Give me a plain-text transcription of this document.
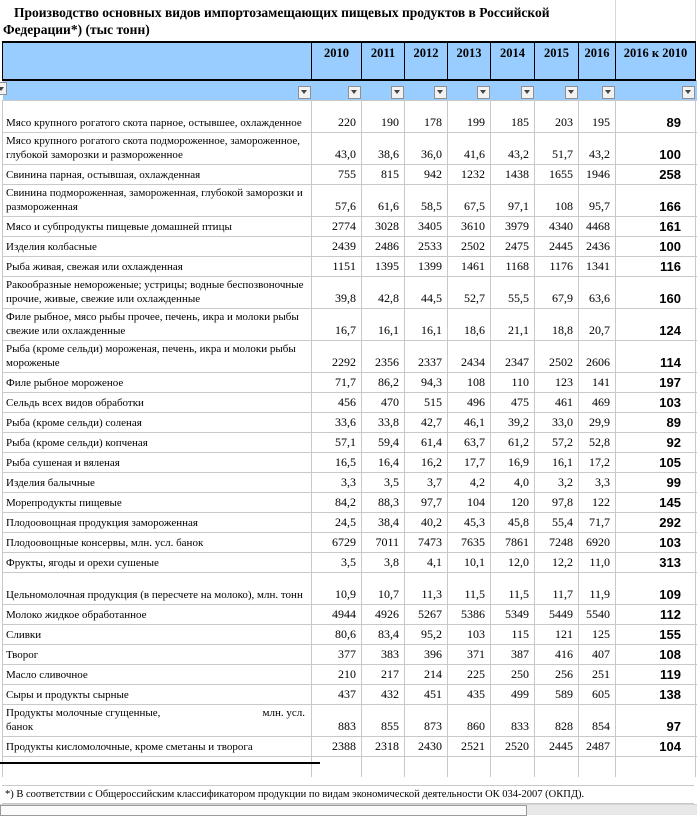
Производство основных видов импортозамещающих пищевых продуктов в Российской
Федерации*) (тыс тонн)
	2010	2011	2012	2013	2014	2015	2016	2016 к 2010	

Мясо крупного рогатого скота парное, остывшее, охлажденное	220	190	178	199	185	203	195	89	
Мясо крупного рогатого скота подмороженное, замороженное, глубокой заморозки и размороженное	43,0	38,6	36,0	41,6	43,2	51,7	43,2	100	
Свинина парная, остывшая, охлажденная	755	815	942	1232	1438	1655	1946	258	
Свинина подмороженная, замороженная, глубокой заморозки и размороженная	57,6	61,6	58,5	67,5	97,1	108	95,7	166	
Мясо и субпродукты пищевые домашней птицы	2774	3028	3405	3610	3979	4340	4468	161	
Изделия колбасные	2439	2486	2533	2502	2475	2445	2436	100	
Рыба живая, свежая или охлажденная	1151	1395	1399	1461	1168	1176	1341	116	
Ракообразные немороженые; устрицы; водные беспозвоночные прочие, живые, свежие или охлажденные	39,8	42,8	44,5	52,7	55,5	67,9	63,6	160	
Филе рыбное, мясо рыбы прочее, печень, икра и молоки рыбы свежие или охлажденные	16,7	16,1	16,1	18,6	21,1	18,8	20,7	124	
Рыба (кроме сельди) мороженая, печень, икра и молоки рыбы мороженые	2292	2356	2337	2434	2347	2502	2606	114	
Филе рыбное мороженое	71,7	86,2	94,3	108	110	123	141	197	
Сельдь всех видов обработки	456	470	515	496	475	461	469	103	
Рыба (кроме сельди) соленая	33,6	33,8	42,7	46,1	39,2	33,0	29,9	89	
Рыба (кроме сельди) копченая	57,1	59,4	61,4	63,7	61,2	57,2	52,8	92	
Рыба сушеная и вяленая	16,5	16,4	16,2	17,7	16,9	16,1	17,2	105	
Изделия балычные	3,3	3,5	3,7	4,2	4,0	3,2	3,3	99	
Морепродукты пищевые	84,2	88,3	97,7	104	120	97,8	122	145	
Плодоовощная продукция замороженная	24,5	38,4	40,2	45,3	45,8	55,4	71,7	292	
Плодоовощные консервы, млн. усл. банок	6729	7011	7473	7635	7861	7248	6920	103	
Фрукты, ягоды и орехи сушеные	3,5	3,8	4,1	10,1	12,0	12,2	11,0	313	
Цельномолочная продукция (в пересчете на молоко), млн. тонн	10,9	10,7	11,3	11,5	11,5	11,7	11,9	109	
Молоко жидкое обработанное	4944	4926	5267	5386	5349	5449	5540	112	
Сливки	80,6	83,4	95,2	103	115	121	125	155	
Творог	377	383	396	371	387	416	407	108	
Масло сливочное	210	217	214	225	250	256	251	119	
Сыры и продукты сырные	437	432	451	435	499	589	605	138	

Продукты молочные сгущенные, млн. усл.
банок	883	855	873	860	833	828	854	97	
Продукты кисломолочные, кроме сметаны и творога	2388	2318	2430	2521	2520	2445	2487	104	

*) В соответствии с Общероссийским классификатором продукции по видам экономической деятельности ОК 034-2007 (ОКПД).
